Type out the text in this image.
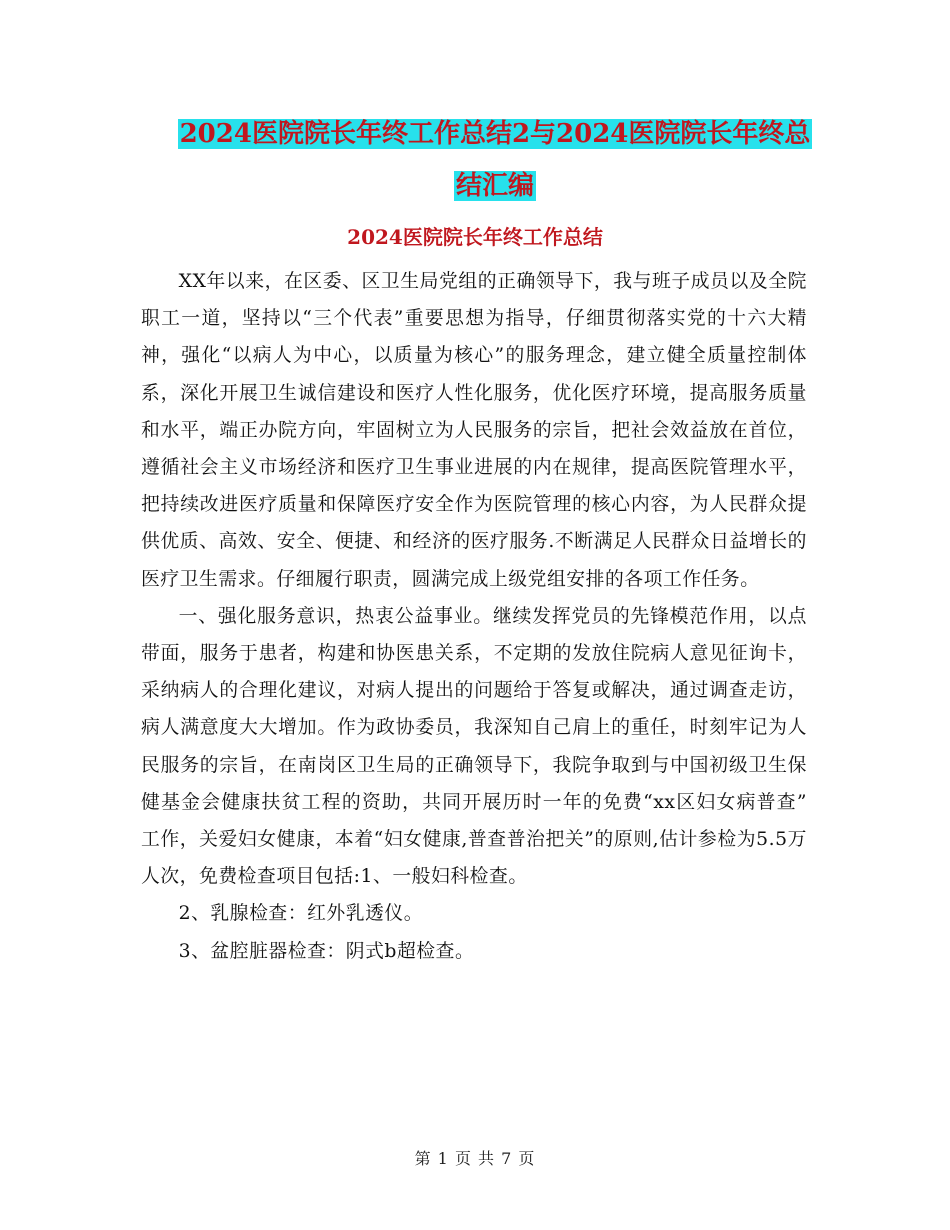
2024医院院长年终工作总结2与2024医院院长年终总
结汇编
2024医院院长年终工作总结

XX年以来，在区委、区卫生局党组的正确领导下，我与班子成员以及全院职工一道，坚持以“三个代表”重要思想为指导，仔细贯彻落实党的十六大精神，强化“以病人为中心，以质量为核心”的服务理念，建立健全质量控制体系，深化开展卫生诚信建设和医疗人性化服务，优化医疗环境，提高服务质量和水平，端正办院方向，牢固树立为人民服务的宗旨，把社会效益放在首位，遵循社会主义市场经济和医疗卫生事业进展的内在规律，提高医院管理水平，把持续改进医疗质量和保障医疗安全作为医院管理的核心内容，为人民群众提供优质、高效、安全、便捷、和经济的医疗服务.不断满足人民群众日益增长的医疗卫生需求。仔细履行职责，圆满完成上级党组安排的各项工作任务。

一、强化服务意识，热衷公益事业。继续发挥党员的先锋模范作用，以点带面，服务于患者，构建和协医患关系，不定期的发放住院病人意见征询卡，采纳病人的合理化建议，对病人提出的问题给于答复或解决，通过调查走访，病人满意度大大增加。作为政协委员，我深知自己肩上的重任，时刻牢记为人民服务的宗旨，在南岗区卫生局的正确领导下，我院争取到与中国初级卫生保健基金会健康扶贫工程的资助，共同开展历时一年的免费“xx区妇女病普查” 工作，关爱妇女健康，本着“妇女健康,普查普治把关”的原则,估计参检为5.5万人次，免费检查项目包括:1、一般妇科检查。

2、乳腺检查：红外乳透仪。

3、盆腔脏器检查：阴式b超检查。

第 1 页 共 7 页
